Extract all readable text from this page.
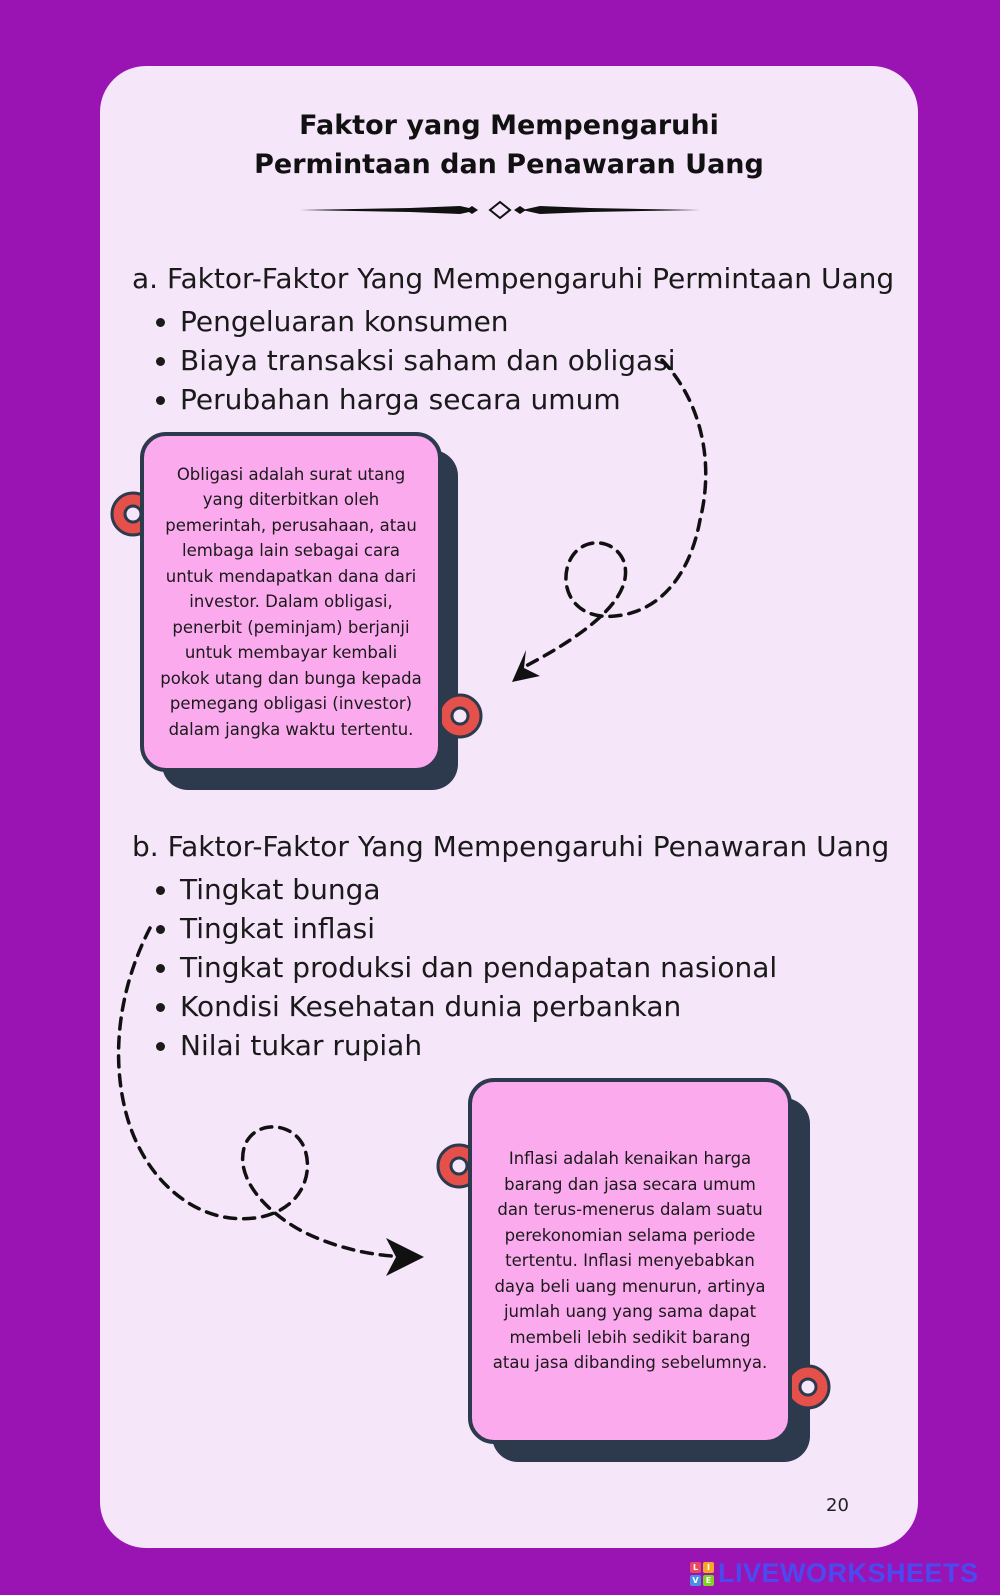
Faktor yang Mempengaruhi
Permintaan dan Penawaran Uang
a. Faktor-Faktor Yang Mempengaruhi Permintaan Uang
• Pengeluaran konsumen
• Biaya transaksi saham dan obligasi
• Perubahan harga secara umum
Obligasi adalah surat utang yang diterbitkan oleh pemerintah, perusahaan, atau lembaga lain sebagai cara untuk mendapatkan dana dari investor. Dalam obligasi, penerbit (peminjam) berjanji untuk membayar kembali pokok utang dan bunga kepada pemegang obligasi (investor) dalam jangka waktu tertentu.
b. Faktor-Faktor Yang Mempengaruhi Penawaran Uang
• Tingkat bunga
• Tingkat inflasi
• Tingkat produksi dan pendapatan nasional
• Kondisi Kesehatan dunia perbankan
• Nilai tukar rupiah
Inflasi adalah kenaikan harga barang dan jasa secara umum dan terus-menerus dalam suatu perekonomian selama periode tertentu. Inflasi menyebabkan daya beli uang menurun, artinya jumlah uang yang sama dapat membeli lebih sedikit barang atau jasa dibanding sebelumnya.
20
L	I
V E LIVEWORKSHEETS
